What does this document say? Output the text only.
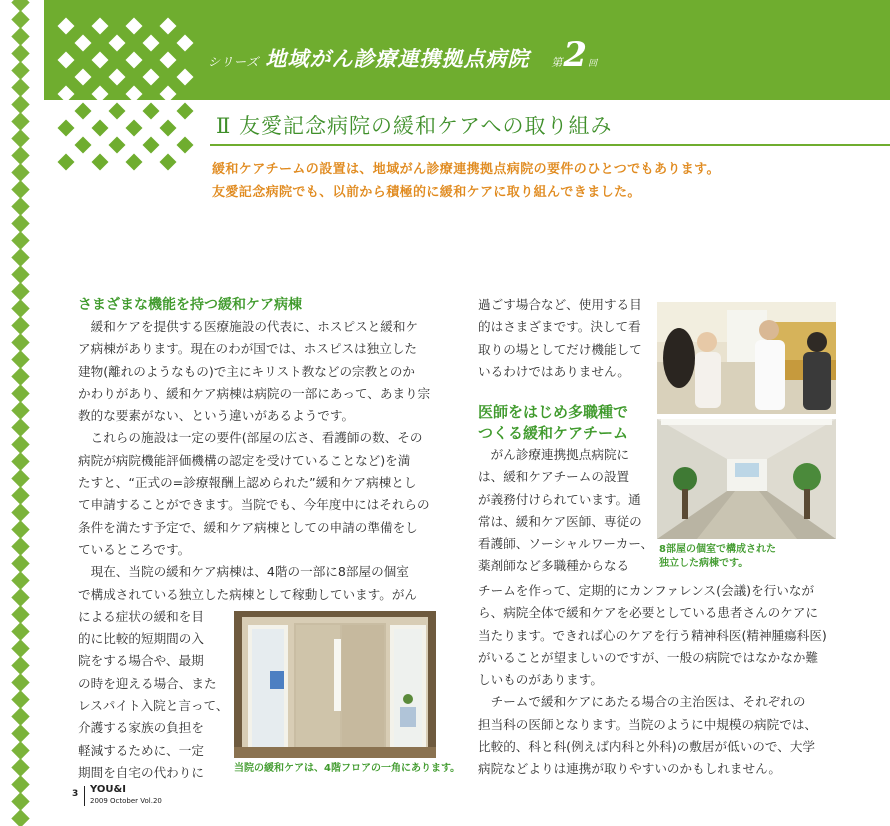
シリーズ 地域がん診療連携拠点病院 第 2 回
Ⅱ 友愛記念病院の緩和ケアへの取り組み
緩和ケアチームの設置は、地域がん診療連携拠点病院の要件のひとつでもあります。
友愛記念病院でも、以前から積極的に緩和ケアに取り組んできました。
さまざまな機能を持つ緩和ケア病棟

　緩和ケアを提供する医療施設の代表に、ホスピスと緩和ケ

ア病棟があります。現在のわが国では、ホスピスは独立した

建物(離れのようなもの)で主にキリスト教などの宗教とのか

かわりがあり、緩和ケア病棟は病院の一部にあって、あまり宗

教的な要素がない、という違いがあるようです。

　これらの施設は一定の要件(部屋の広さ、看護師の数、その

病院が病院機能評価機構の認定を受けていることなど)を満

たすと、“正式の=診療報酬上認められた”緩和ケア病棟とし

て申請することができます。当院でも、今年度中にはそれらの

条件を満たす予定で、緩和ケア病棟としての申請の準備をし

ているところです。

　現在、当院の緩和ケア病棟は、4階の一部に8部屋の個室

で構成されている独立した病棟として稼動しています。がん

による症状の緩和を目

的に比較的短期間の入

院をする場合や、最期

の時を迎える場合、また

レスパイト入院と言って、

介護する家族の負担を

軽減するために、一定

期間を自宅の代わりに	当院の緩和ケアは、4階フロアの一角にあります。

過ごす場合など、使用する目

的はさまざまです。決して看

取りの場としてだけ機能して

いるわけではありません。

医師をはじめ多職種で
つくる緩和ケアチーム

　がん診療連携拠点病院に

は、緩和ケアチームの設置

が義務付けられています。通

常は、緩和ケア医師、専従の

看護師、ソーシャルワーカー、

薬剤師など多職種からなる

チームを作って、定期的にカンファレンス(会議)を行いなが

ら、病院全体で緩和ケアを必要としている患者さんのケアに

当たります。できれば心のケアを行う精神科医(精神腫瘍科医)

がいることが望ましいのですが、一般の病院ではなかなか難

しいものがあります。

　チームで緩和ケアにあたる場合の主治医は、それぞれの

担当科の医師となります。当院のように中規模の病院では、

比較的、科と科(例えば内科と外科)の敷居が低いので、大学

病院などよりは連携が取りやすいのかもしれません。

8部屋の個室で構成された
独立した病棟です。
3 YOU&I
2009 October Vol.20
